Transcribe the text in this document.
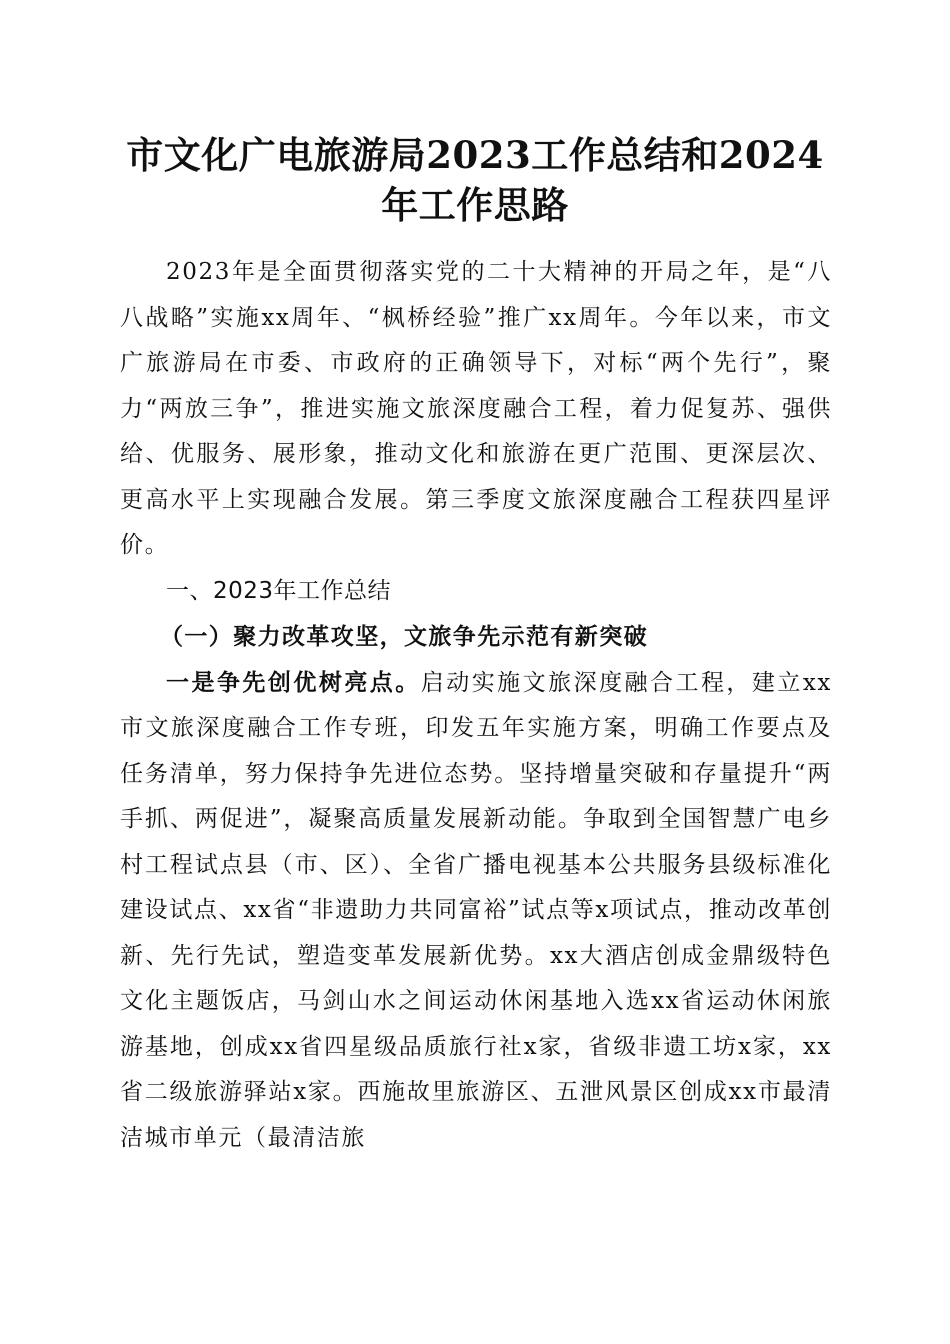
市文化广电旅游局2023工作总结和2024年工作思路

2023年是全面贯彻落实党的二十大精神的开局之年，是“八八战略”实施xx周年、“枫桥经验”推广xx周年。今年以来，市文广旅游局在市委、市政府的正确领导下，对标“两个先行”，聚力“两放三争”，推进实施文旅深度融合工程，着力促复苏、强供给、优服务、展形象，推动文化和旅游在更广范围、更深层次、更高水平上实现融合发展。第三季度文旅深度融合工程获四星评价。

一、2023年工作总结

（一）聚力改革攻坚，文旅争先示范有新突破

一是争先创优树亮点。启动实施文旅深度融合工程，建立xx市文旅深度融合工作专班，印发五年实施方案，明确工作要点及任务清单，努力保持争先进位态势。坚持增量突破和存量提升“两手抓、两促进”，凝聚高质量发展新动能。争取到全国智慧广电乡村工程试点县（市、区）、全省广播电视基本公共服务县级标准化建设试点、xx省“非遗助力共同富裕”试点等x项试点，推动改革创新、先行先试，塑造变革发展新优势。xx大酒店创成金鼎级特色文化主题饭店，马剑山水之间运动休闲基地入选xx省运动休闲旅游基地，创成xx省四星级品质旅行社x家，省级非遗工坊x家，xx省二级旅游驿站x家。西施故里旅游区、五泄风景区创成xx市最清洁城市单元（最清洁旅
